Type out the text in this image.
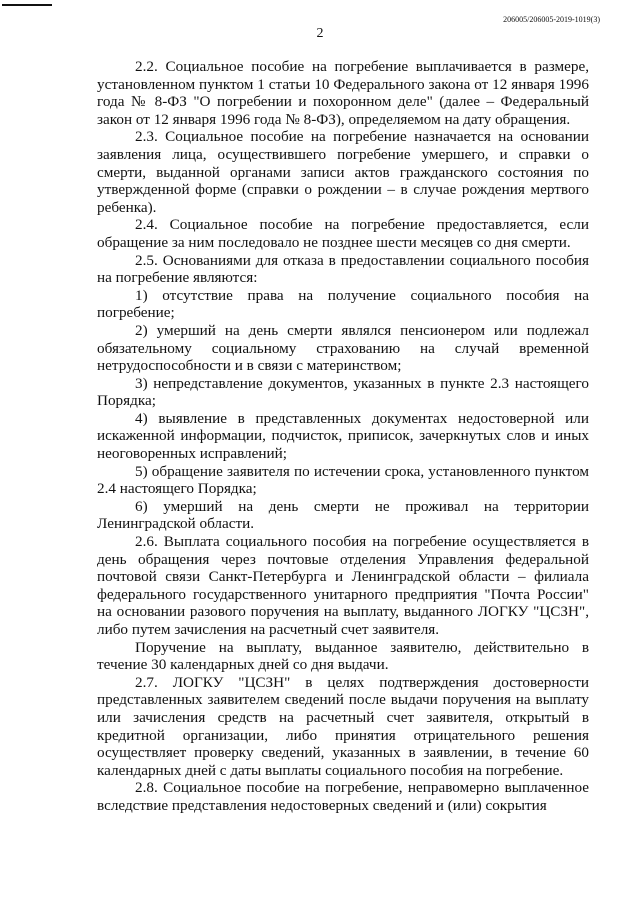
206005/206005-2019-1019(3)
2

2.2. Социальное пособие на погребение выплачивается в размере, установленном пунктом 1 статьи 10 Федерального закона от 12 января 1996 года № 8-ФЗ "О погребении и похоронном деле" (далее – Федеральный закон от 12 января 1996 года № 8-ФЗ), определяемом на дату обращения.

2.3. Социальное пособие на погребение назначается на основании заявления лица, осуществившего погребение умершего, и справки о смерти, выданной органами записи актов гражданского состояния по утвержденной форме (справки о рождении – в случае рождения мертвого ребенка).

2.4. Социальное пособие на погребение предоставляется, если обращение за ним последовало не позднее шести месяцев со дня смерти.

2.5. Основаниями для отказа в предоставлении социального пособия на погребение являются:

1) отсутствие права на получение социального пособия на погребение;

2) умерший на день смерти являлся пенсионером или подлежал обязательному социальному страхованию на случай временной нетрудоспособности и в связи с материнством;

3) непредставление документов, указанных в пункте 2.3 настоящего Порядка;

4) выявление в представленных документах недостоверной или искаженной информации, подчисток, приписок, зачеркнутых слов и иных неоговоренных исправлений;

5) обращение заявителя по истечении срока, установленного пунктом 2.4 настоящего Порядка;

6) умерший на день смерти не проживал на территории Ленинградской области.

2.6. Выплата социального пособия на погребение осуществляется в день обращения через почтовые отделения Управления федеральной почтовой связи Санкт-Петербурга и Ленинградской области – филиала федерального государственного унитарного предприятия "Почта России" на основании разового поручения на выплату, выданного ЛОГКУ "ЦСЗН", либо путем зачисления на расчетный счет заявителя.

Поручение на выплату, выданное заявителю, действительно в течение 30 календарных дней со дня выдачи.

2.7. ЛОГКУ "ЦСЗН" в целях подтверждения достоверности представленных заявителем сведений после выдачи поручения на выплату или зачисления средств на расчетный счет заявителя, открытый в кредитной организации, либо принятия отрицательного решения осуществляет проверку сведений, указанных в заявлении, в течение 60 календарных дней с даты выплаты социального пособия на погребение.

2.8. Социальное пособие на погребение, неправомерно выплаченное вследствие представления недостоверных сведений и (или) сокрытия
